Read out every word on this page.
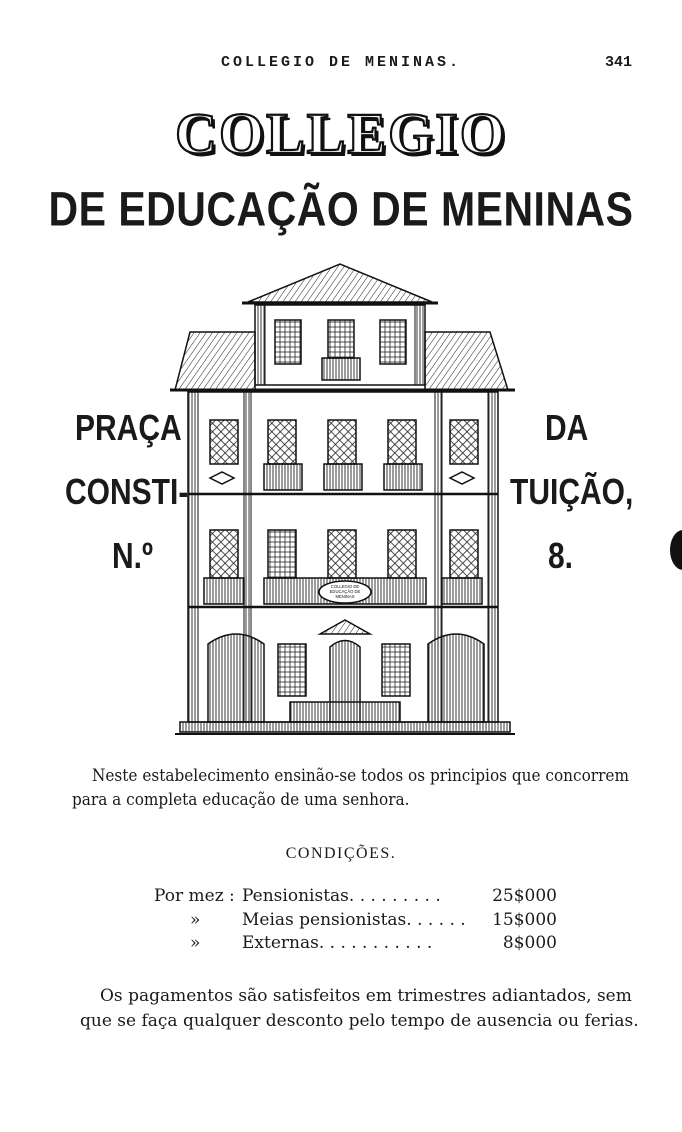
COLLEGIO DE MENINAS.	341
COLLEGIO
DE EDUCAÇÃO DE MENINAS
PRAÇA
CONSTI-
N.º
DA
TUIÇÃO,
8.
COLLEGIO DE
EDUCAÇÃO DE
MENINAS
Neste estabelecimento ensinão-se todos os principios que concorrem para a completa educação de uma senhora.
CONDIÇÕES.
Por mez : Pensionistas. . . . . . . . .	25$000
» Meias pensionistas. . . . . . 15$000
» Externas. . . . . . . . . . .	8$000
Os pagamentos são satisfeitos em trimestres adiantados, sem que se faça qualquer desconto pelo tempo de ausencia ou ferias.
